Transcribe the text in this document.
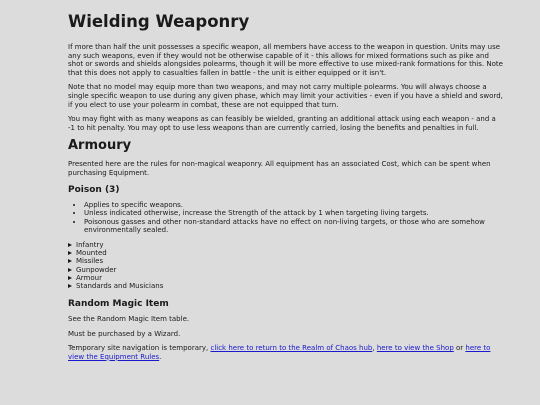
Wielding Weaponry

If more than half the unit possesses a specific weapon, all members have access to the weapon in question. Units may use any such weapons, even if they would not be otherwise capable of it - this allows for mixed formations such as pike and shot or swords and shields alongsides polearms, though it will be more effective to use mixed-rank formations for this. Note that this does not apply to casualties fallen in battle - the unit is either equipped or it isn't.

Note that no model may equip more than two weapons, and may not carry multiple polearms. You will always choose a single specific weapon to use during any given phase, which may limit your activities - even if you have a shield and sword, if you elect to use your polearm in combat, these are not equipped that turn.

You may fight with as many weapons as can feasibly be wielded, granting an additional attack using each weapon - and a -1 to hit penalty. You may opt to use less weapons than are currently carried, losing the benefits and penalties in full.

Armoury

Presented here are the rules for non-magical weaponry. All equipment has an associated Cost, which can be spent when purchasing Equipment.

Poison (3)
• Applies to specific weapons.
• Unless indicated otherwise, increase the Strength of the attack by 1 when targeting living targets.
• Poisonous gasses and other non-standard attacks have no effect on non-living targets, or those who are somehow environmentally sealed.
Infantry
Mounted
Missiles
Gunpowder
Armour
Standards and Musicians
Random Magic Item

See the Random Magic Item table.

Must be purchased by a Wizard.

Temporary site navigation is temporary, click here to return to the Realm of Chaos hub, here to view the Shop or here to view the Equipment Rules.
